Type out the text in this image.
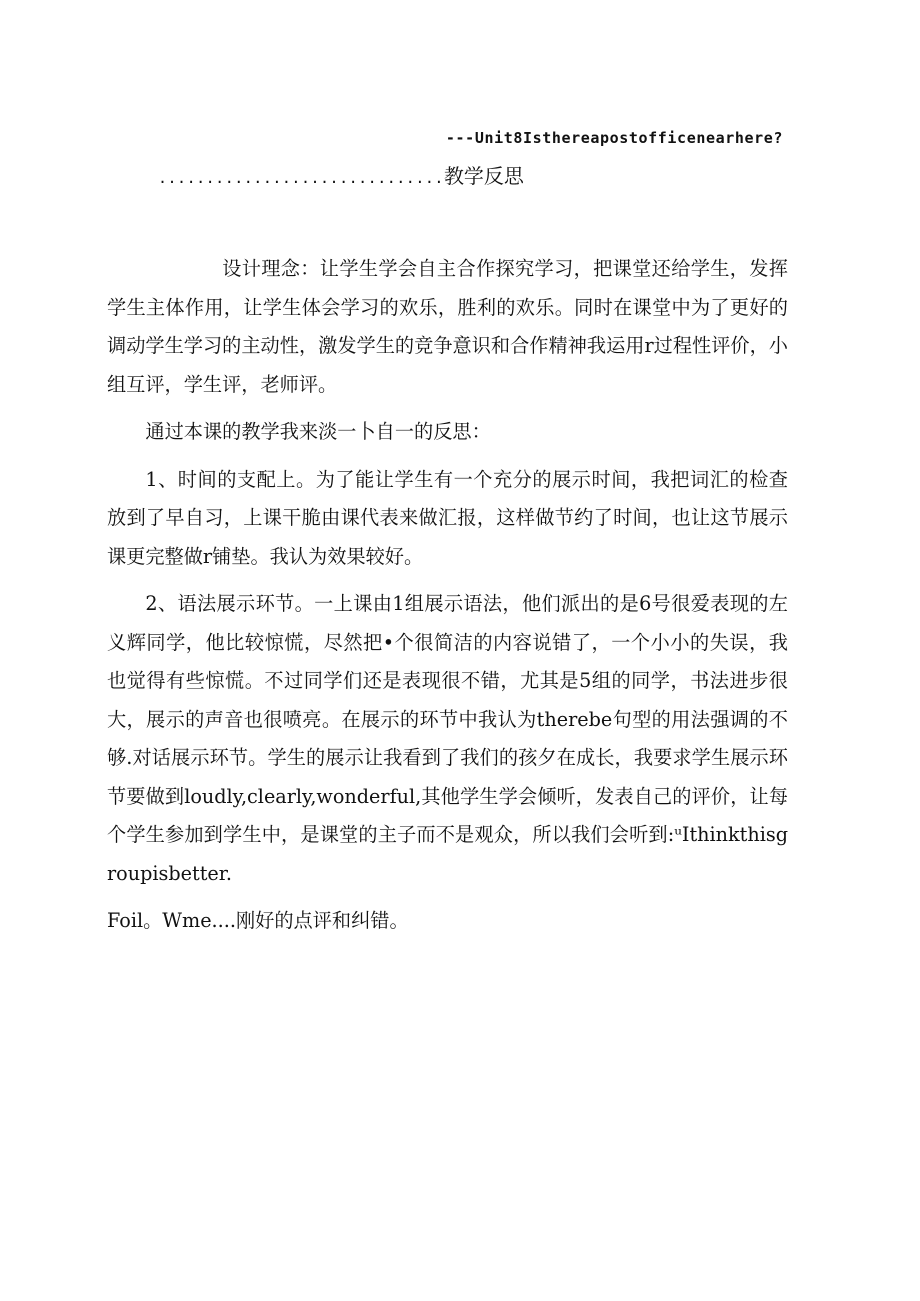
---Unit8Isthereapostofficenearhere?
..............................教学反思

设计理念：让学生学会自主合作探究学习，把课堂还给学生，发挥学生主体作用，让学生体会学习的欢乐，胜利的欢乐。同时在课堂中为了更好的调动学生学习的主动性，激发学生的竞争意识和合作精神我运用r过程性评价，小组互评，学生评，老师评。

通过本课的教学我来淡一卜自一的反思：

1、时间的支配上。为了能让学生有一个充分的展示时间，我把词汇的检查放到了早自习，上课干脆由课代表来做汇报，这样做节约了时间，也让这节展示课更完整做r铺垫。我认为效果较好。

2、语法展示环节。一上课由1组展示语法，他们派出的是6号很爱表现的左义辉同学，他比较惊慌，尽然把•个很简洁的内容说错了，一个小小的失误，我也觉得有些惊慌。不过同学们还是表现很不错，尤其是5组的同学，书法进步很大，展示的声音也很喷亮。在展示的环节中我认为therebe句型的用法强调的不够.对话展示环节。学生的展示让我看到了我们的孩夕在成长，我要求学生展示环节要做到loudly,clearly,wonderful,其他学生学会倾听，发表自己的评价，让每个学生参加到学生中，是课堂的主子而不是观众，所以我们会听到:ᵘIthinkthisgroupisbetter.

Foil。Wme....刚好的点评和纠错。
